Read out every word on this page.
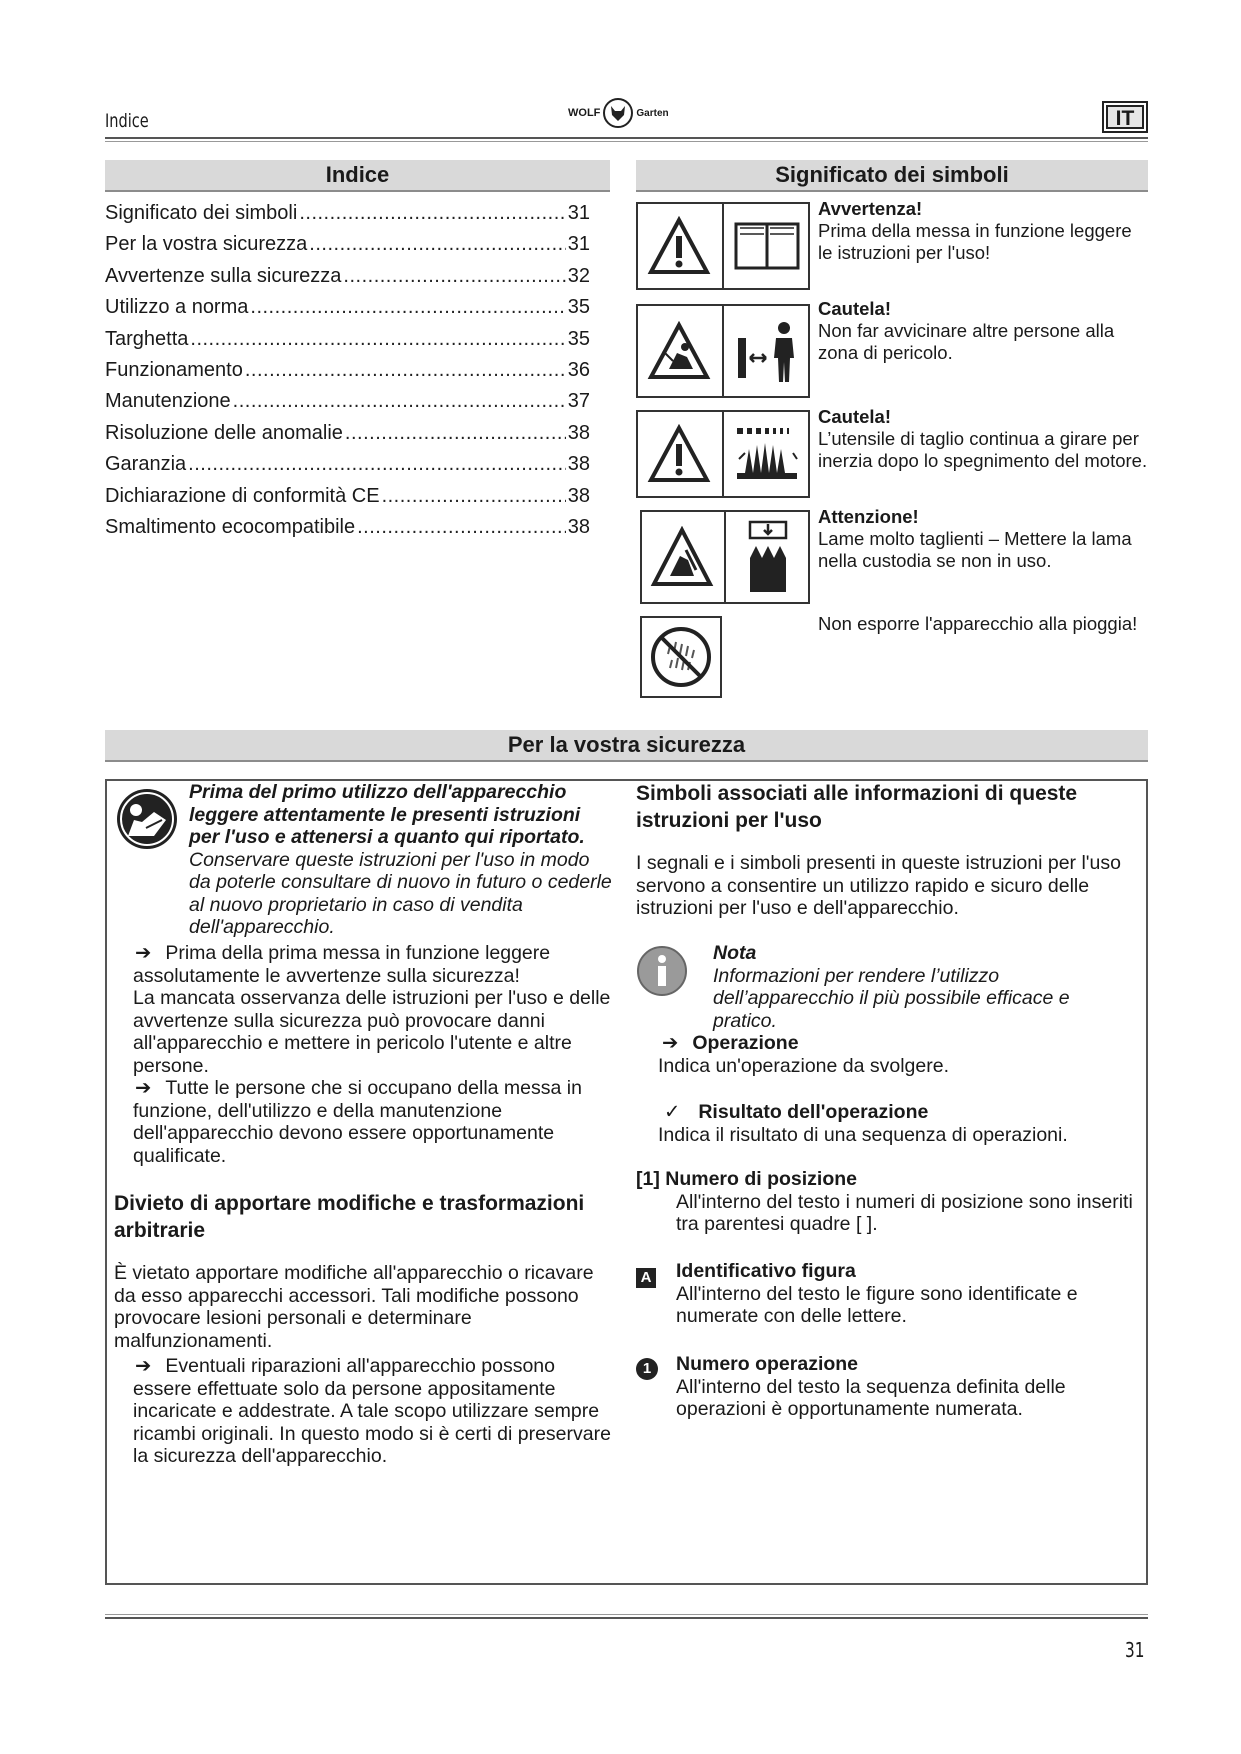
Indice	WOLF	Garten	IT
Indice
Significato dei simboli .....	31
Per la vostra sicurezza .....	31
Avvertenze sulla sicurezza .....	32
Utilizzo a norma .....	35
Targhetta .....	35
Funzionamento .....	36
Manutenzione .....	37
Risoluzione delle anomalie .....	38
Garanzia .....	38
Dichiarazione di conformità CE .....	38
Smaltimento ecocompatibile .....	38
Significato dei simboli
Avvertenza!
Prima della messa in funzione leggere le istruzioni per l'uso!
Cautela!
Non far avvicinare altre persone alla zona di pericolo.
Cautela!
L’utensile di taglio continua a girare per inerzia dopo lo spegnimento del motore.
Attenzione!
Lame molto taglienti – Mettere la lama nella custodia se non in uso.
Non esporre l'apparecchio alla pioggia!
Per la vostra sicurezza
Prima del primo utilizzo dell'apparecchio leggere attentamente le presenti istruzioni per l'uso e attenersi a quanto qui riportato. Conservare queste istruzioni per l'uso in modo da poterle consultare di nuovo in futuro o cederle al nuovo proprietario in caso di vendita dell'apparecchio.
➔ Prima della prima messa in funzione leggere assolutamente le avvertenze sulla sicurezza!
La mancata osservanza delle istruzioni per l'uso e delle avvertenze sulla sicurezza può provocare danni all'apparecchio e mettere in pericolo l'utente e altre persone.
➔ Tutte le persone che si occupano della messa in funzione, dell'utilizzo e della manutenzione dell'apparecchio devono essere opportunamente qualificate.
Divieto di apportare modifiche e trasformazioni arbitrarie
È vietato apportare modifiche all'apparecchio o ricavare da esso apparecchi accessori. Tali modifiche possono provocare lesioni personali e determinare malfunzionamenti.
➔ Eventuali riparazioni all'apparecchio possono essere effettuate solo da persone appositamente incaricate e addestrate. A tale scopo utilizzare sempre ricambi originali. In questo modo si è certi di preservare la sicurezza dell'apparecchio.
Simboli associati alle informazioni di queste istruzioni per l'uso
I segnali e i simboli presenti in queste istruzioni per l'uso servono a consentire un utilizzo rapido e sicuro delle istruzioni per l'uso e dell'apparecchio.
Nota
Informazioni per rendere l’utilizzo dell’apparecchio il più possibile efficace e pratico.
➔ Operazione
Indica un'operazione da svolgere.
✓ Risultato dell'operazione
Indica il risultato di una sequenza di operazioni.
[1] Numero di posizione
All'interno del testo i numeri di posizione sono inseriti tra parentesi quadre [ ].
A Identificativo figura
All'interno del testo le figure sono identificate e numerate con delle lettere.
1	Numero operazione
All'interno del testo la sequenza definita delle operazioni è opportunamente numerata.
31
